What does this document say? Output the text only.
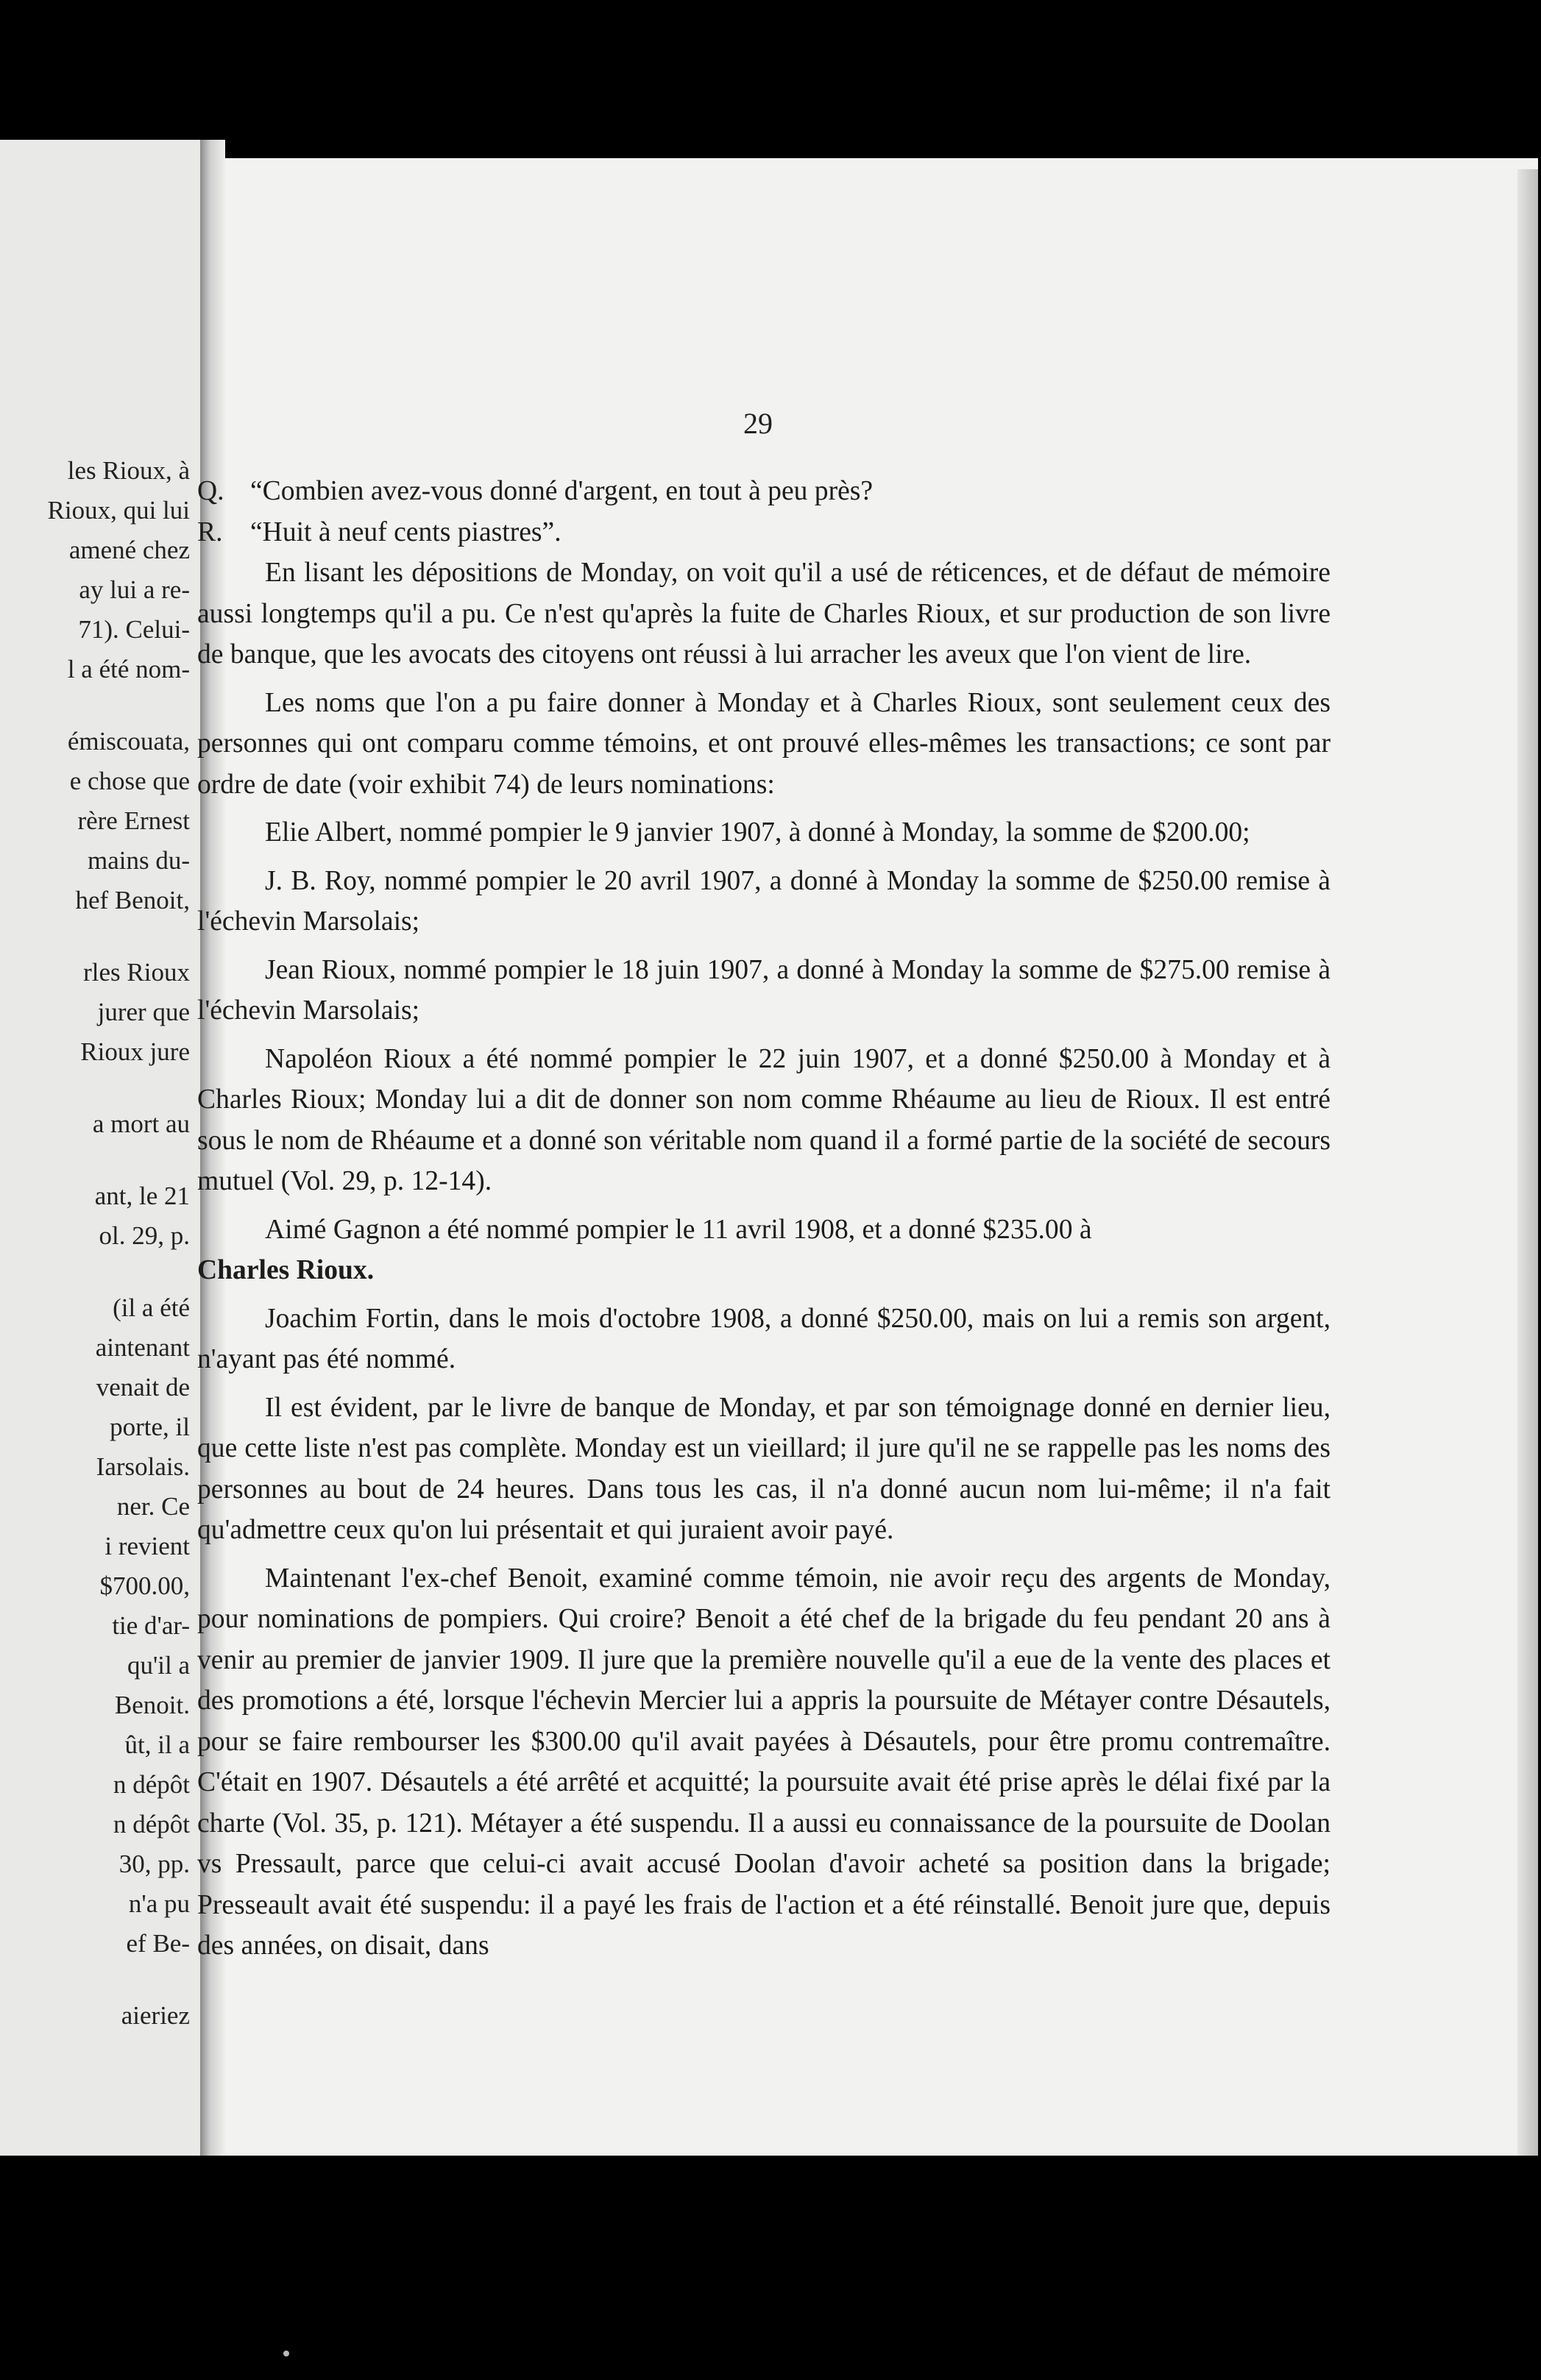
les Rioux, à
Rioux, qui lui
amené chez
ay lui a re-
71). Celui-
l a été nom-
émiscouata,
e chose que
rère Ernest
mains du-
hef Benoit,
rles Rioux
jurer que
Rioux jure
a mort au
ant, le 21
ol. 29, p.
(il a été
aintenant
venait de
porte, il
Iarsolais.
ner. Ce
i revient
$700.00,
tie d'ar-
qu'il a
Benoit.
ût, il a
n dépôt
n dépôt
30, pp.
n'a pu
ef Be-
aieriez
29

Q. “Combien avez-vous donné d'argent, en tout à peu près?

R. “Huit à neuf cents piastres”.

En lisant les dépositions de Monday, on voit qu'il a usé de réticences, et de défaut de mémoire aussi longtemps qu'il a pu. Ce n'est qu'après la fuite de Charles Rioux, et sur production de son livre de banque, que les avocats des citoyens ont réussi à lui arracher les aveux que l'on vient de lire.

Les noms que l'on a pu faire donner à Monday et à Charles Rioux, sont seulement ceux des personnes qui ont comparu comme témoins, et ont prouvé elles-mêmes les transactions; ce sont par ordre de date (voir exhibit 74) de leurs nominations:

Elie Albert, nommé pompier le 9 janvier 1907, à donné à Monday, la somme de $200.00;

J. B. Roy, nommé pompier le 20 avril 1907, a donné à Monday la somme de $250.00 remise à l'échevin Marsolais;

Jean Rioux, nommé pompier le 18 juin 1907, a donné à Monday la somme de $275.00 remise à l'échevin Marsolais;

Napoléon Rioux a été nommé pompier le 22 juin 1907, et a donné $250.00 à Monday et à Charles Rioux; Monday lui a dit de donner son nom comme Rhéaume au lieu de Rioux. Il est entré sous le nom de Rhéaume et a donné son véritable nom quand il a formé partie de la société de secours mutuel (Vol. 29, p. 12-14).

Aimé Gagnon a été nommé pompier le 11 avril 1908, et a donné $235.00 à
Charles Rioux.

Joachim Fortin, dans le mois d'octobre 1908, a donné $250.00, mais on lui a remis son argent, n'ayant pas été nommé.

Il est évident, par le livre de banque de Monday, et par son témoignage donné en dernier lieu, que cette liste n'est pas complète. Monday est un vieillard; il jure qu'il ne se rappelle pas les noms des personnes au bout de 24 heures. Dans tous les cas, il n'a donné aucun nom lui-même; il n'a fait qu'admettre ceux qu'on lui présentait et qui juraient avoir payé.

Maintenant l'ex-chef Benoit, examiné comme témoin, nie avoir reçu des argents de Monday, pour nominations de pompiers. Qui croire? Benoit a été chef de la brigade du feu pendant 20 ans à venir au premier de janvier 1909. Il jure que la première nouvelle qu'il a eue de la vente des places et des promotions a été, lorsque l'échevin Mercier lui a appris la poursuite de Métayer contre Désautels, pour se faire rembourser les $300.00 qu'il avait payées à Désautels, pour être promu contremaître. C'était en 1907. Désautels a été arrêté et acquitté; la poursuite avait été prise après le délai fixé par la charte (Vol. 35, p. 121). Métayer a été suspendu. Il a aussi eu connaissance de la poursuite de Doolan vs Pressault, parce que celui-ci avait accusé Doolan d'avoir acheté sa position dans la brigade; Presseault avait été suspendu: il a payé les frais de l'action et a été réinstallé. Benoit jure que, depuis des années, on disait, dans
